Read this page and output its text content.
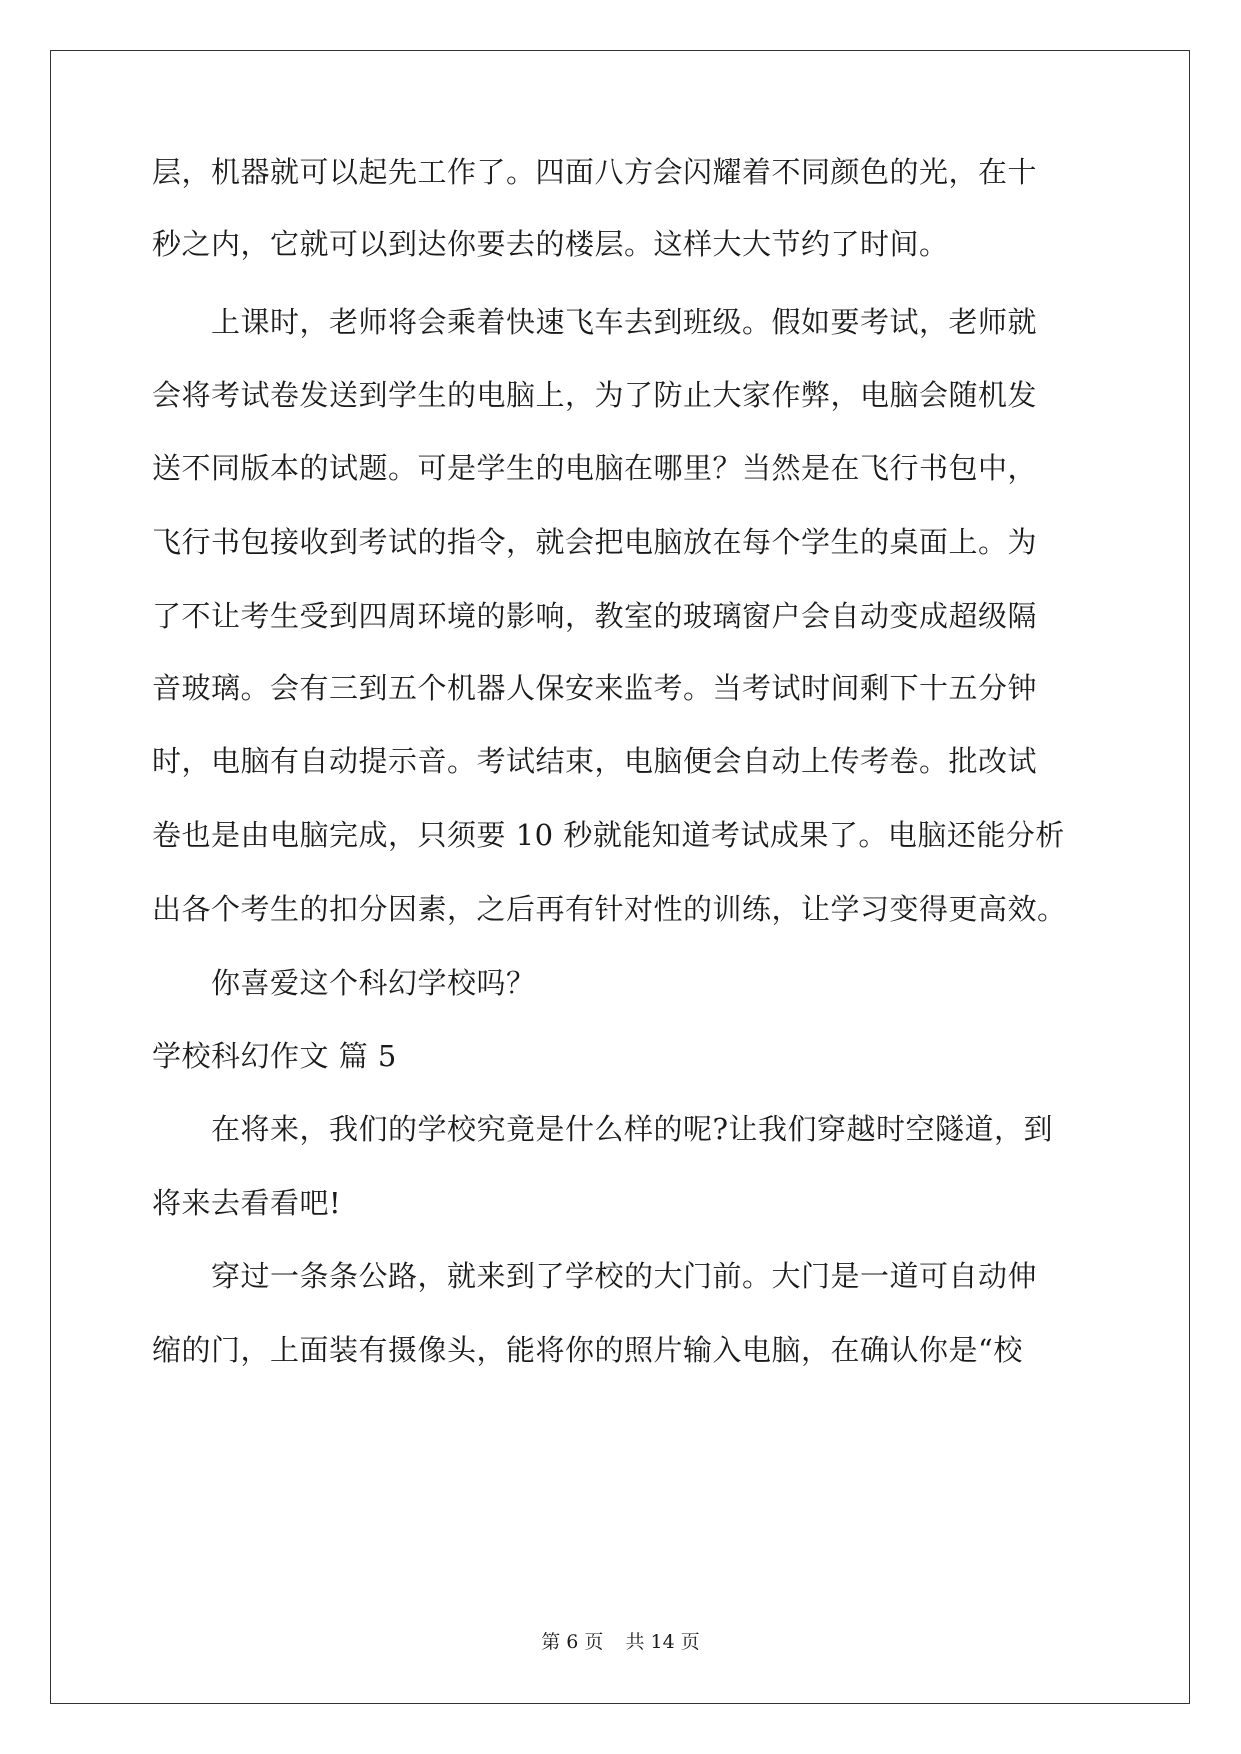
层，机器就可以起先工作了。四面八方会闪耀着不同颜色的光，在十
秒之内，它就可以到达你要去的楼层。这样大大节约了时间。
　　上课时，老师将会乘着快速飞车去到班级。假如要考试，老师就
会将考试卷发送到学生的电脑上，为了防止大家作弊，电脑会随机发
送不同版本的试题。可是学生的电脑在哪里？当然是在飞行书包中，
飞行书包接收到考试的指令，就会把电脑放在每个学生的桌面上。为
了不让考生受到四周环境的影响，教室的玻璃窗户会自动变成超级隔
音玻璃。会有三到五个机器人保安来监考。当考试时间剩下十五分钟
时，电脑有自动提示音。考试结束，电脑便会自动上传考卷。批改试
卷也是由电脑完成，只须要 10 秒就能知道考试成果了。电脑还能分析
出各个考生的扣分因素，之后再有针对性的训练，让学习变得更高效。
　　你喜爱这个科幻学校吗？
学校科幻作文 篇 5
　　在将来，我们的学校究竟是什么样的呢?让我们穿越时空隧道，到
将来去看看吧!
　　穿过一条条公路，就来到了学校的大门前。大门是一道可自动伸
缩的门，上面装有摄像头，能将你的照片输入电脑，在确认你是“校
第 6 页 共 14 页
